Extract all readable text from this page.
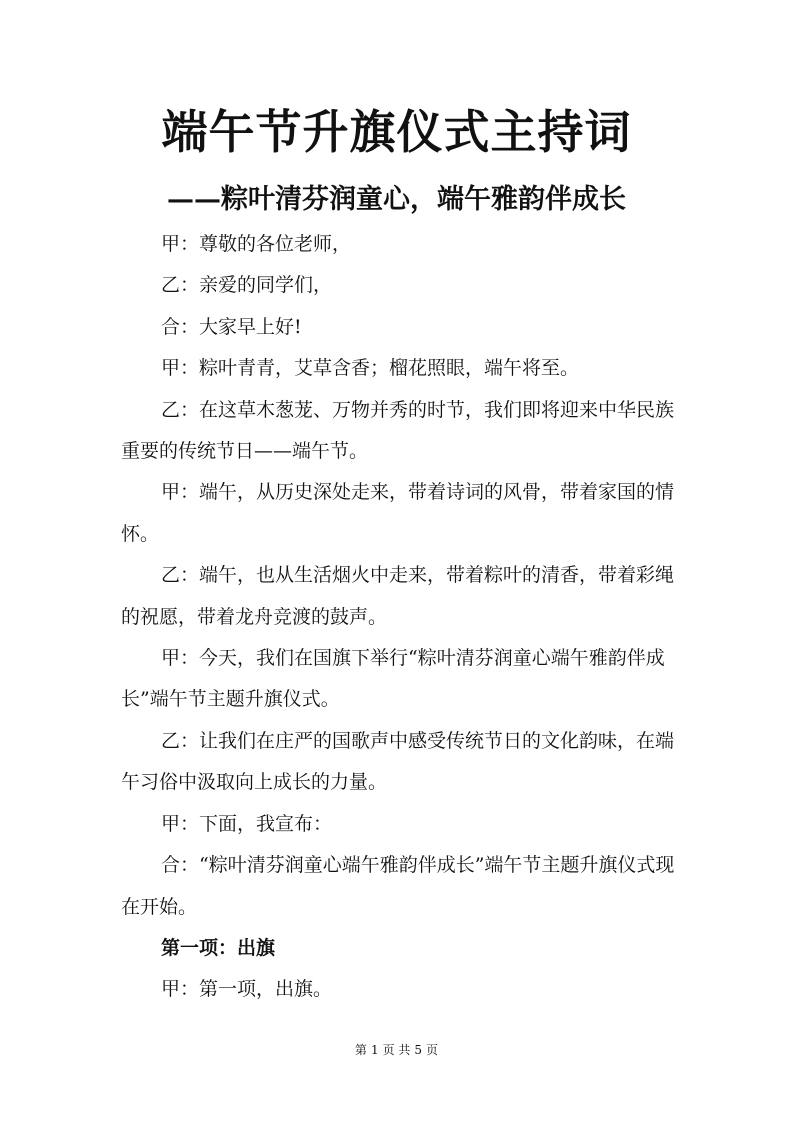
端午节升旗仪式主持词
——粽叶清芬润童心，端午雅韵伴成长

甲：尊敬的各位老师，

乙：亲爱的同学们，

合：大家早上好!

甲：粽叶青青，艾草含香；榴花照眼，端午将至。

乙：在这草木葱茏、万物并秀的时节，我们即将迎来中华民族重要的传统节日——端午节。

甲：端午，从历史深处走来，带着诗词的风骨，带着家国的情怀。

乙：端午，也从生活烟火中走来，带着粽叶的清香，带着彩绳的祝愿，带着龙舟竞渡的鼓声。

甲：今天，我们在国旗下举行“粽叶清芬润童心端午雅韵伴成长”端午节主题升旗仪式。

乙：让我们在庄严的国歌声中感受传统节日的文化韵味，在端午习俗中汲取向上成长的力量。

甲：下面，我宣布：

合：“粽叶清芬润童心端午雅韵伴成长”端午节主题升旗仪式现在开始。

第一项：出旗

甲：第一项，出旗。

第 1 页 共 5 页
